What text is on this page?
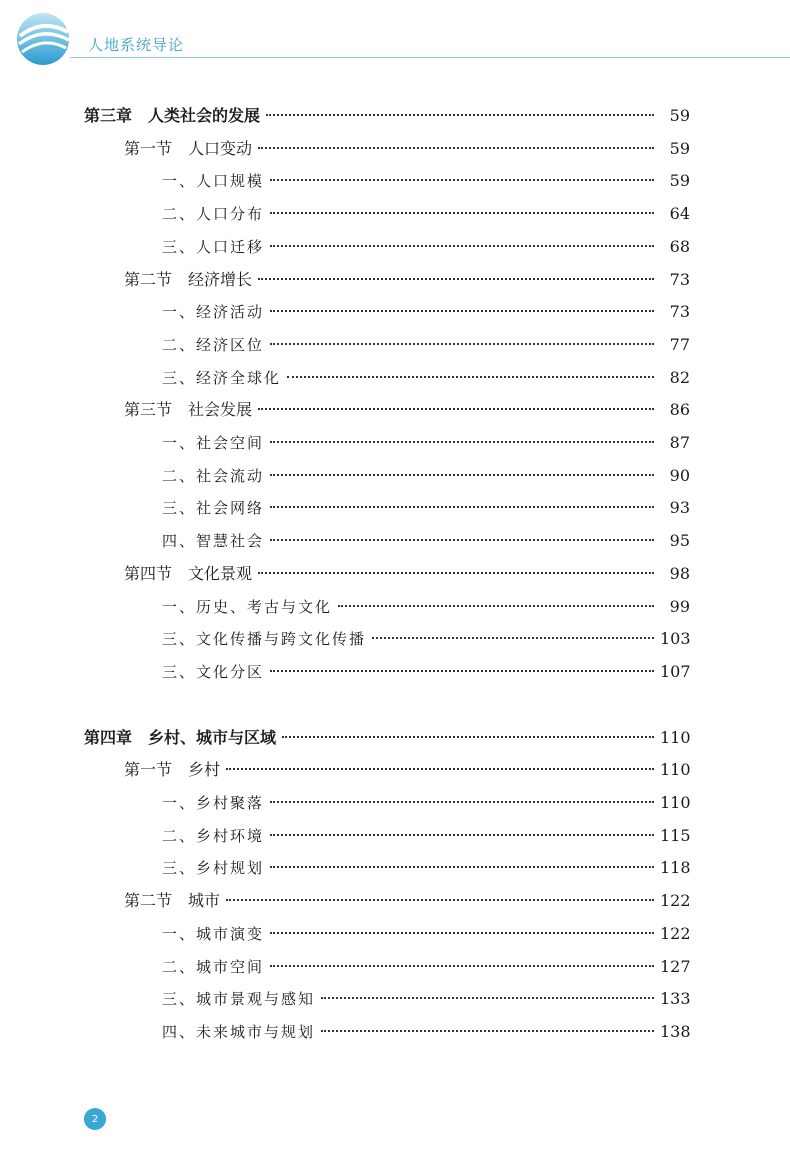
人地系统导论
第三章　人类社会的发展	59
第一节　人口变动	59
一、人口规模	59
二、人口分布	64
三、人口迁移	68
第二节　经济增长	73
一、经济活动	73
二、经济区位	77
三、经济全球化	82
第三节　社会发展	86
一、社会空间	87
二、社会流动	90
三、社会网络	93
四、智慧社会	95
第四节　文化景观	98
一、历史、考古与文化	99
三、文化传播与跨文化传播	103
三、文化分区	107
第四章　乡村、城市与区域	110
第一节　乡村	110
一、乡村聚落	110
二、乡村环境	115
三、乡村规划	118
第二节　城市	122
一、城市演变	122
二、城市空间	127
三、城市景观与感知	133
四、未来城市与规划	138
2
